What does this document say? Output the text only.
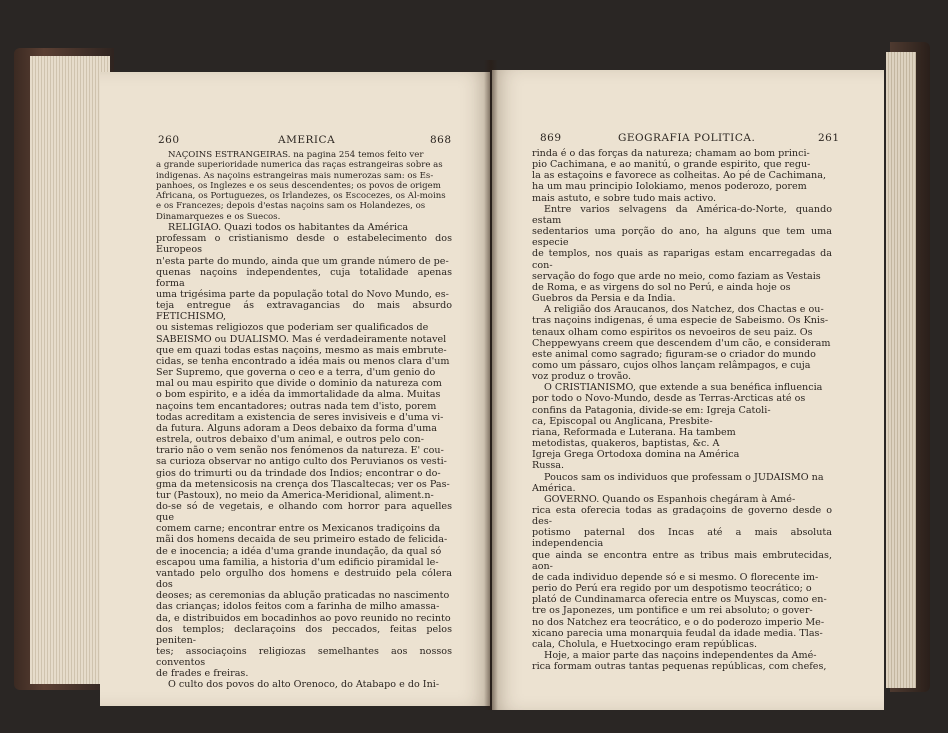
260	AMERICA	868

NAÇOINS ESTRANGEIRAS. na pagina 254 temos feito ver
a grande superioridade numerica das raças estrangeiras sobre as
indigenas. As naçoins estrangeiras mais numerozas sam: os Es-
panhoes, os Inglezes e os seus descendentes; os povos de origem
Africana, os Portuguezes, os Irlandezes, os Escocezes, os Al-moins
e os Francezes; depois d'estas naçoins sam os Holandezes, os
Dinamarquezes e os Suecos.

RELIGIAO. Quazi todos os habitantes da América
professam o cristianismo desde o estabelecimento dos Europeos
n'esta parte do mundo, ainda que um grande número de pe-
quenas naçoins independentes, cuja totalidade apenas forma
uma trigésima parte da população total do Novo Mundo, es-
teja entregue ás extravagancias do mais absurdo FETICHISMO,
ou sistemas religiozos que poderiam ser qualificados de
SABEISMO ou DUALISMO. Mas é verdadeiramente notavel
que em quazi todas estas naçoins, mesmo as mais embrute-
cidas, se tenha encontrado a idéa mais ou menos clara d'um
Ser Supremo, que governa o ceo e a terra, d'um genio do
mal ou mau espirito que divide o dominio da natureza com
o bom espirito, e a idéa da immortalidade da alma. Muitas
naçoins tem encantadores; outras nada tem d'isto, porem
todas acreditam a existencia de seres invisiveis e d'uma vi-
da futura. Alguns adoram a Deos debaixo da forma d'uma
estrela, outros debaixo d'um animal, e outros pelo con-
trario não o vem senão nos fenómenos da natureza. E' cou-
sa curioza observar no antigo culto dos Peruvianos os vesti-
gios do trimurti ou da trindade dos Indios; encontrar o do-
gma da metensicosis na crença dos Tlascaltecas; ver os Pas-
tur (Pastoux), no meio da America-Meridional, aliment.n-
do-se só de vegetais, e olhando com horror para aquelles que
comem carne; encontrar entre os Mexicanos tradiçoins da
mãi dos homens decaida de seu primeiro estado de felicida-
de e inocencia; a idéa d'uma grande inundação, da qual só
escapou uma familia, a historia d'um edificio piramidal le-
vantado pelo orgulho dos homens e destruido pela cólera dos
deoses; as ceremonias da ablução praticadas no nascimento
das crianças; idolos feitos com a farinha de milho amassa-
da, e distribuidos em bocadinhos ao povo reunido no recinto
dos templos; declaraçoins dos peccados, feitas pelos peniten-
tes; associaçoins religiozas semelhantes aos nossos conventos
de frades e freiras.

O culto dos povos do alto Orenoco, do Atabapo e do Ini-

869	GEOGRAFIA POLITICA.	261

rinda é o das forças da natureza; chamam ao bom princi-
pio Cachimana, e ao manitú, o grande espirito, que regu-
la as estaçoins e favorece as colheitas. Ao pé de Cachimana,
ha um mau principio Iolokiamo, menos poderozo, porem
mais astuto, e sobre tudo mais activo.

Entre varios selvagens da América-do-Norte, quando estam
sedentarios uma porção do ano, ha alguns que tem uma especie
de templos, nos quais as raparigas estam encarregadas da con-
servação do fogo que arde no meio, como faziam as Vestais
de Roma, e as virgens do sol no Perú, e ainda hoje os
Guebros da Persia e da India.

A religião dos Araucanos, dos Natchez, dos Chactas e ou-
tras naçoins indigenas, é uma especie de Sabeismo. Os Knis-
tenaux olham como espiritos os nevoeiros de seu paiz. Os
Cheppewyans creem que descendem d'um cão, e consideram
este animal como sagrado; figuram-se o criador do mundo
como um pássaro, cujos olhos lançam relâmpagos, e cuja
voz produz o trovão.

O CRISTIANISMO, que extende a sua benéfica influencia
por todo o Novo-Mundo, desde as Terras-Arcticas até os
confins da Patagonia, divide-se em: Igreja Catoli-
ca, Episcopal ou Anglicana, Presbite-
riana, Reformada e Luterana. Ha tambem
metodistas, quakeros, baptistas, &c. A
Igreja Grega Ortodoxa domina na América
Russa.

Poucos sam os individuos que professam o JUDAISMO na
América.

GOVERNO. Quando os Espanhois chegáram à Amé-
rica esta oferecia todas as gradaçoins de governo desde o des-
potismo paternal dos Incas até a mais absoluta independencia
que ainda se encontra entre as tribus mais embrutecidas, aon-
de cada individuo depende só e si mesmo. O florecente im-
perio do Perú era regido por um despotismo teocrático; o
plató de Cundinamarca oferecia entre os Muyscas, como en-
tre os Japonezes, um pontifice e um rei absoluto; o gover-
no dos Natchez era teocrático, e o do poderozo imperio Me-
xicano parecia uma monarquia feudal da idade media. Tlas-
cala, Cholula, e Huetxocingo eram repúblicas.

Hoje, a maior parte das naçoins independentes da Amé-
rica formam outras tantas pequenas repúblicas, com chefes,
